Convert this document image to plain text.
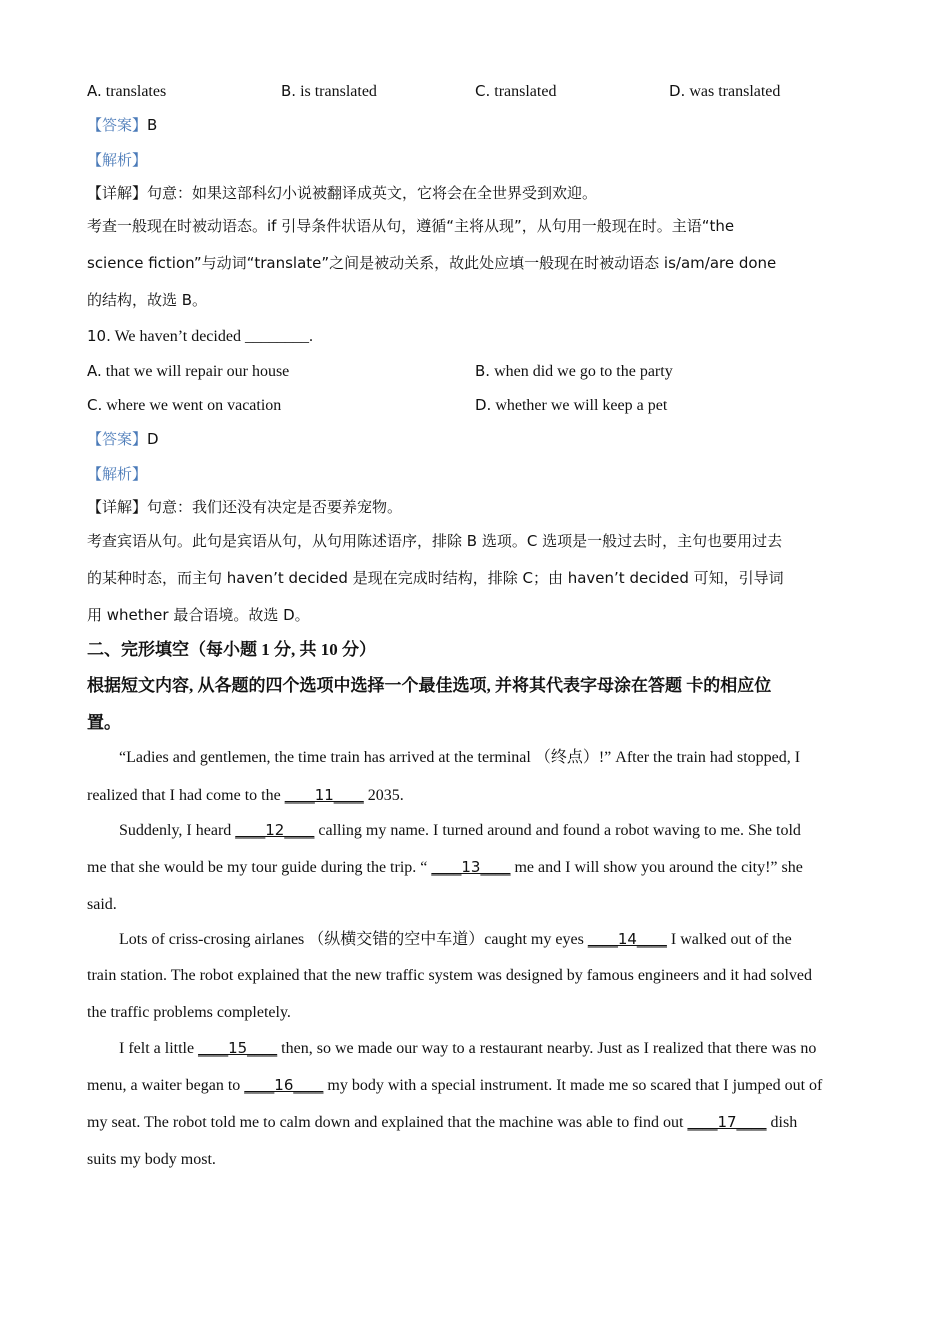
A. translates	B. is translated	C. translated	D. was translated
【答案】B
【解析】
【详解】句意：如果这部科幻小说被翻译成英文，它将会在全世界受到欢迎。
考查一般现在时被动语态。if 引导条件状语从句，遵循“主将从现”，从句用一般现在时。主语“the
science fiction”与动词“translate”之间是被动关系，故此处应填一般现在时被动语态 is/am/are done
的结构，故选 B。
10. We haven’t decided ________.
A. that we will repair our house	B. when did we go to the party
C. where we went on vacation	D. whether we will keep a pet
【答案】D
【解析】
【详解】句意：我们还没有决定是否要养宠物。
考查宾语从句。此句是宾语从句，从句用陈述语序，排除 B 选项。C 选项是一般过去时，主句也要用过去
的某种时态，而主句 haven’t decided 是现在完成时结构，排除 C；由 haven’t decided 可知，引导词
用 whether 最合语境。故选 D。
二、完形填空（每小题 1 分, 共 10 分）
根据短文内容, 从各题的四个选项中选择一个最佳选项, 并将其代表字母涂在答题 卡的相应位
置。
“Ladies and gentlemen, the time train has arrived at the terminal （终点）!” After the train had stopped, I
realized that I had come to the ____11____ 2035.
Suddenly, I heard ____12____ calling my name. I turned around and found a robot waving to me. She told
me that she would be my tour guide during the trip. “ ____13____ me and I will show you around the city!” she
said.
Lots of criss-crosing airlanes （纵横交错的空中车道）caught my eyes ____14____ I walked out of the
train station. The robot explained that the new traffic system was designed by famous engineers and it had solved
the traffic problems completely.
I felt a little ____15____ then, so we made our way to a restaurant nearby. Just as I realized that there was no
menu, a waiter began to ____16____ my body with a special instrument. It made me so scared that I jumped out of
my seat. The robot told me to calm down and explained that the machine was able to find out ____17____ dish
suits my body most.
